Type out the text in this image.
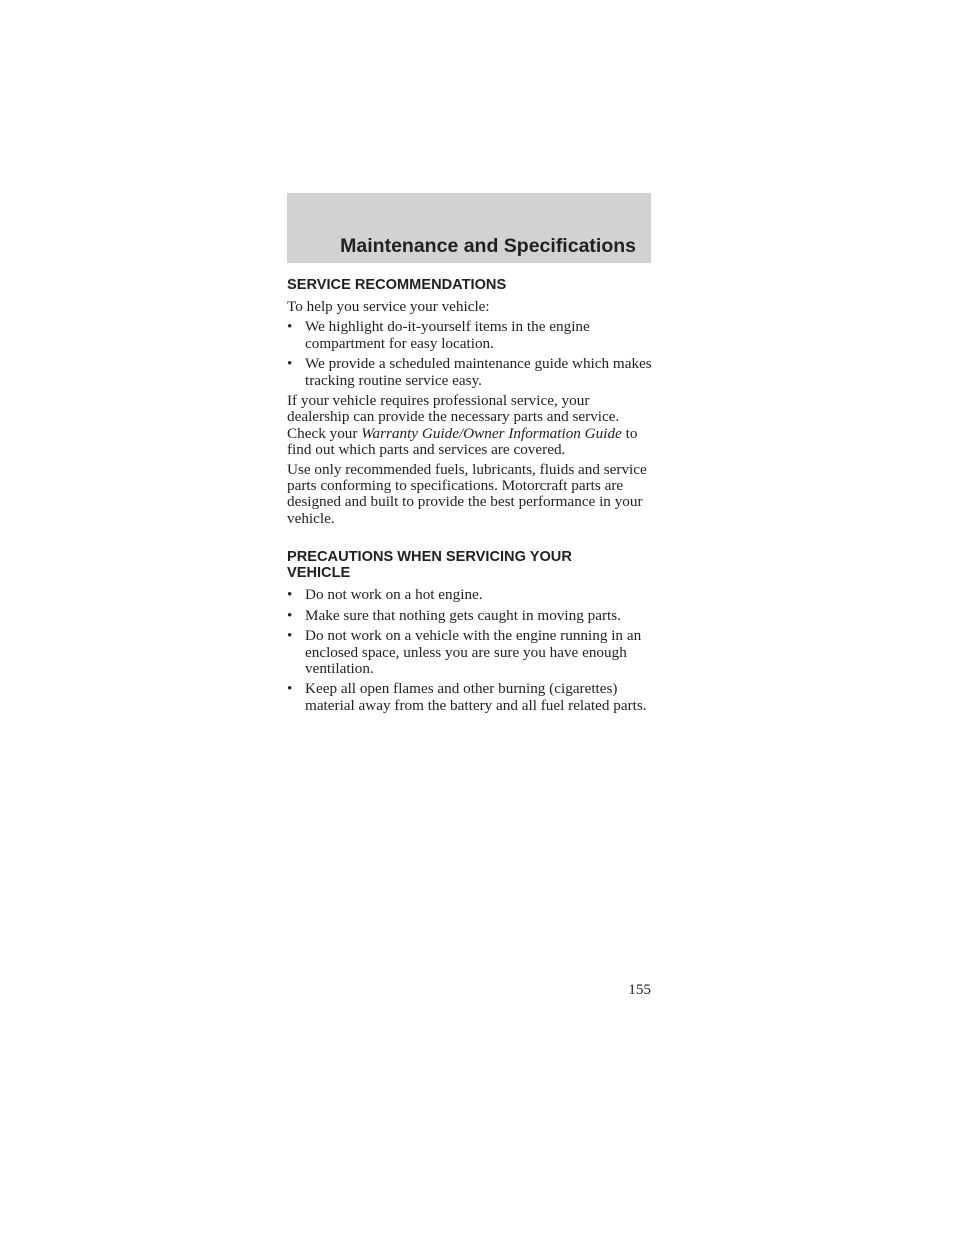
Maintenance and Specifications
SERVICE RECOMMENDATIONS

To help you service your vehicle:

• We highlight do-it-yourself items in the engine compartment for easy location.
• We provide a scheduled maintenance guide which makes tracking routine service easy.

If your vehicle requires professional service, your dealership can provide the necessary parts and service. Check your Warranty Guide/Owner Information Guide to find out which parts and services are covered.

Use only recommended fuels, lubricants, fluids and service parts conforming to specifications. Motorcraft parts are designed and built to provide the best performance in your vehicle.

PRECAUTIONS WHEN SERVICING YOUR VEHICLE
• Do not work on a hot engine.
• Make sure that nothing gets caught in moving parts.
• Do not work on a vehicle with the engine running in an enclosed space, unless you are sure you have enough ventilation.
• Keep all open flames and other burning (cigarettes) material away from the battery and all fuel related parts.
155
